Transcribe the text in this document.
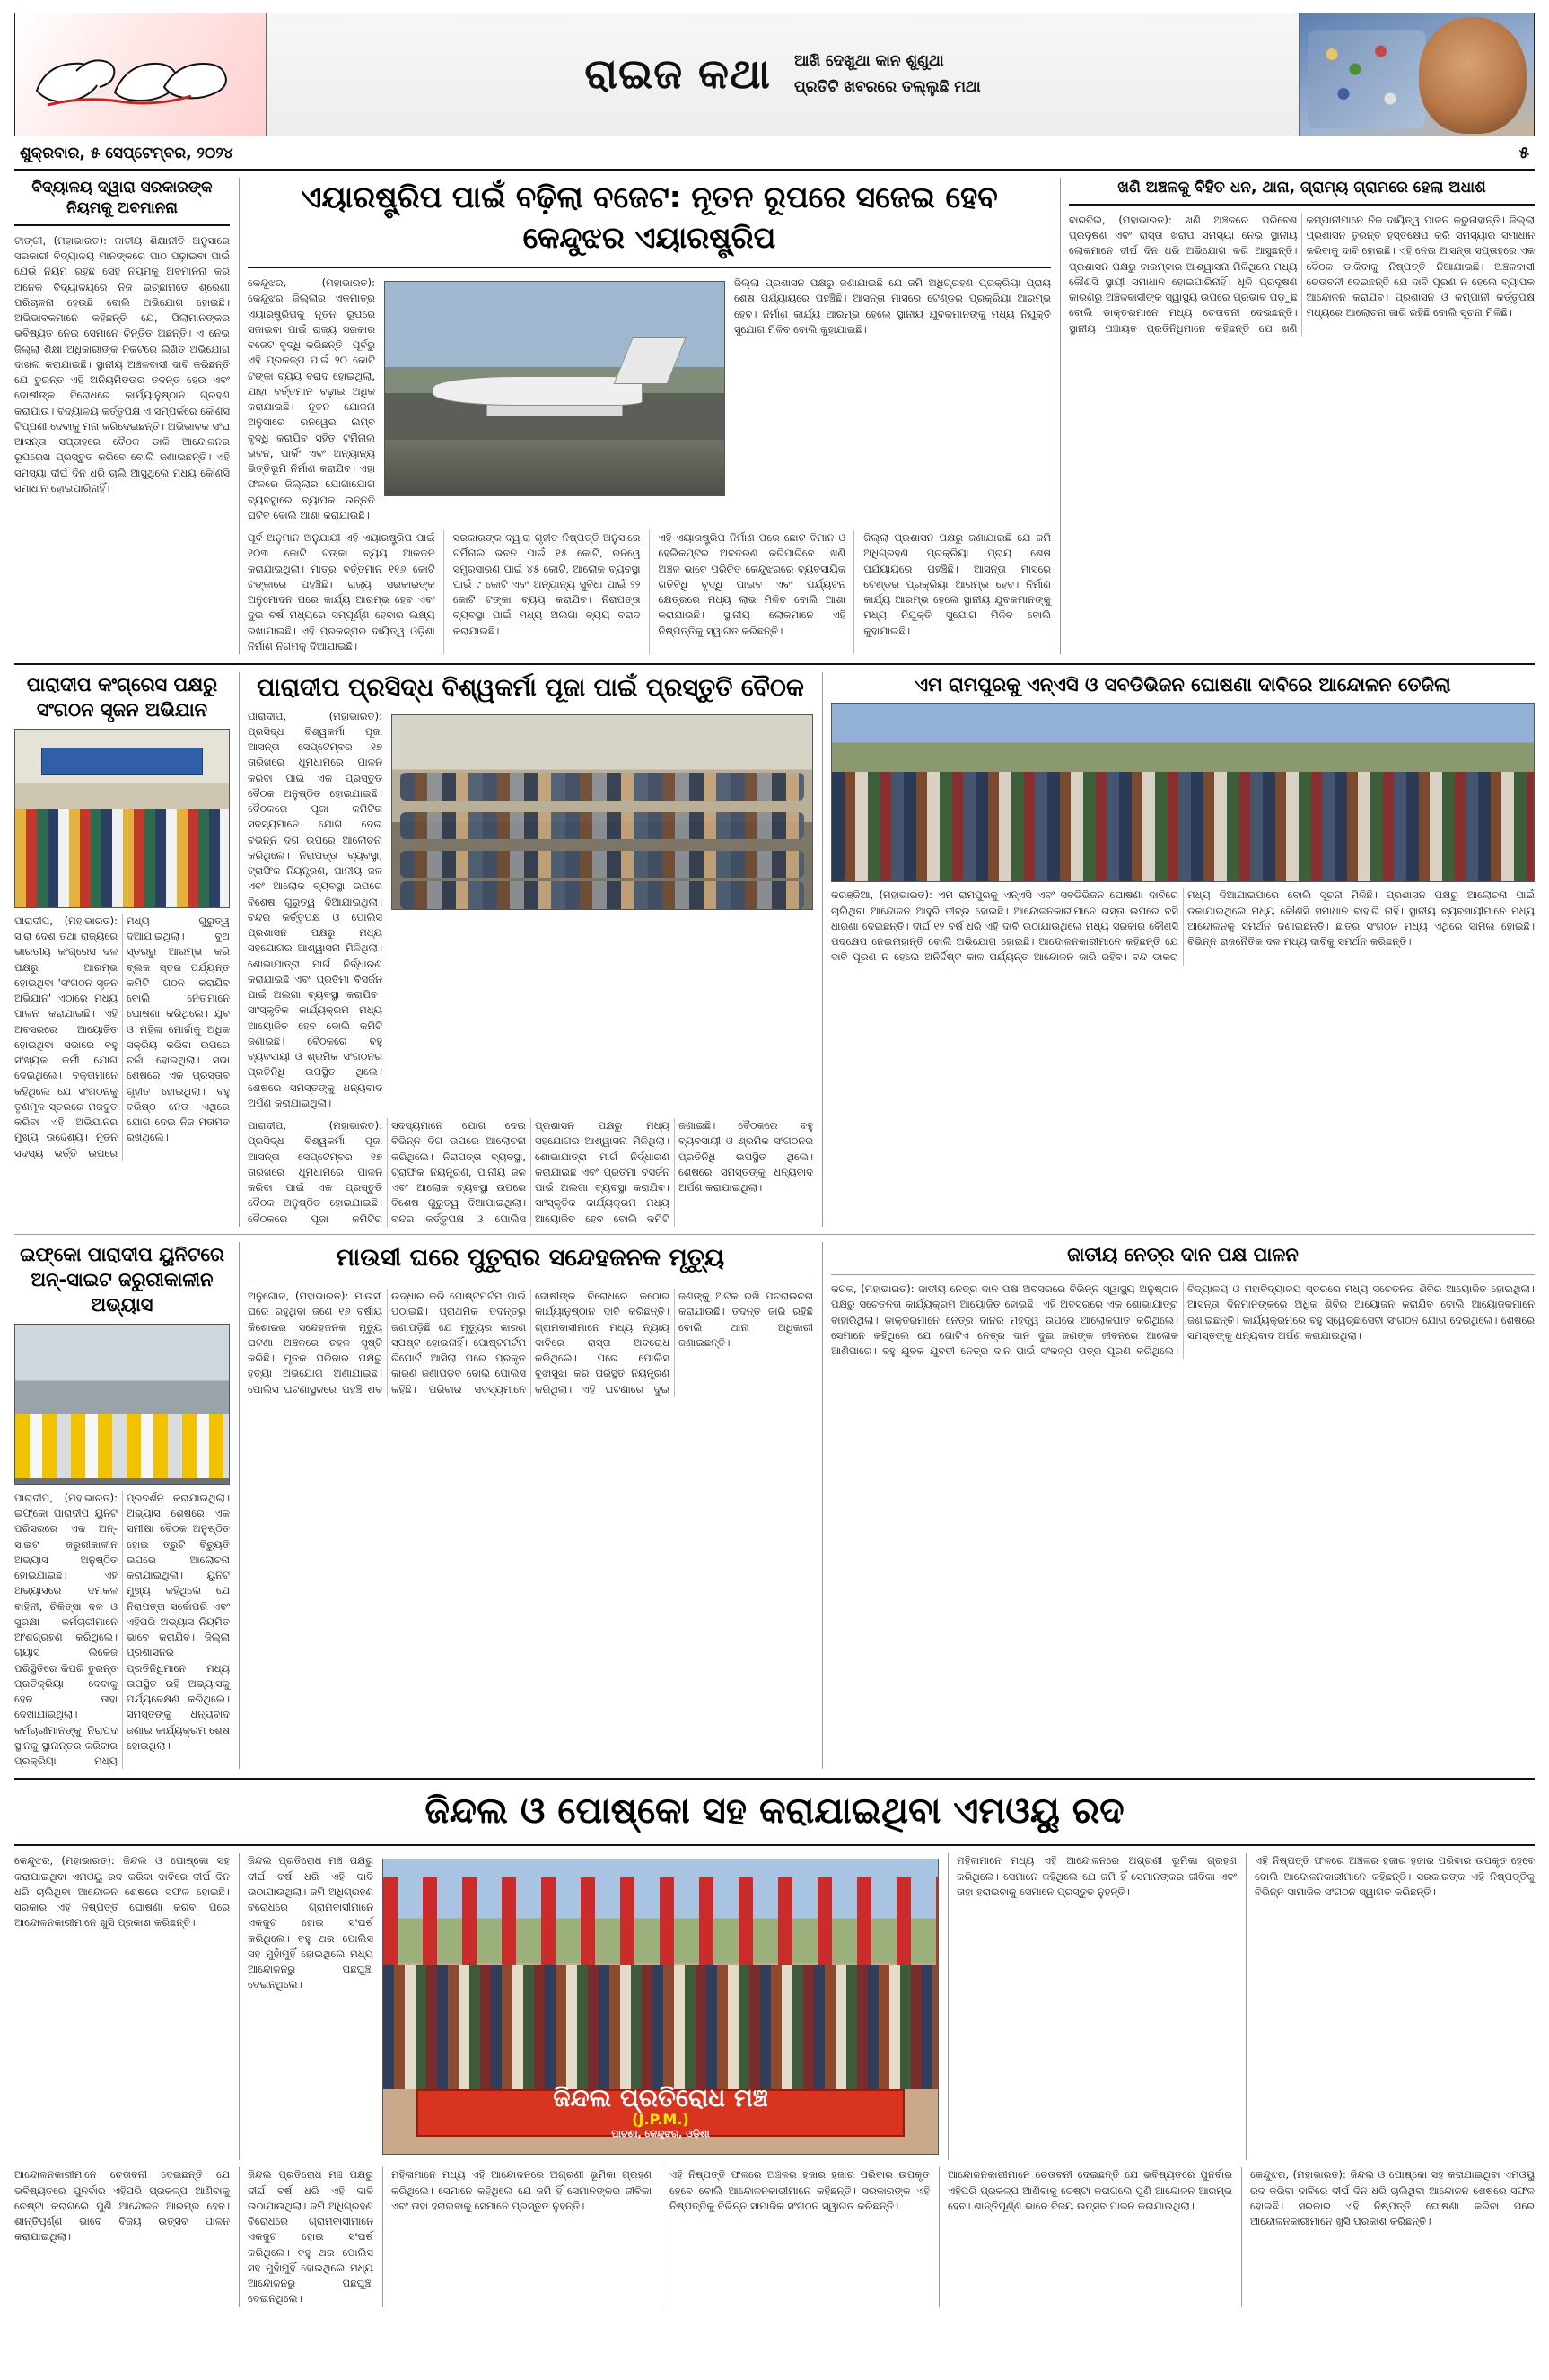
ରାଇଜ କଥା ଆଖି ଦେଖୁଥା କାନ ଶୁଣୁଥା
ପ୍ରତିଟି ଖବରରେ ତଲ୍ଲୁଛି ମଥା
ଶୁକ୍ରବାର, ୫ ସେପ୍ଟେମ୍ବର, ୨୦୨୪	୫
ବିଦ୍ୟାଳୟ ଦ୍ୱାରା ସରକାରଙ୍କ ନିୟମକୁ ଅବମାନନା
ଟାଙ୍ଗୀ, (ମହାଭାରତ): ଜାତୀୟ ଶିକ୍ଷାନୀତି ଅନୁସାରେ ସରକାରୀ ବିଦ୍ୟାଳୟ ମାନଙ୍କରେ ପାଠ ପଢ଼ାଇବା ପାଇଁ ଯେଉଁ ନିୟମ ରହିଛି ସେହି ନିୟମକୁ ଅବମାନନା କରି ଅନେକ ବିଦ୍ୟାଳୟରେ ନିଜ ଇଚ୍ଛାମତେ ଶ୍ରେଣୀ ପରିଚାଳନା ହେଉଛି ବୋଲି ଅଭିଯୋଗ ହୋଇଛି। ଅଭିଭାବକମାନେ କହିଛନ୍ତି ଯେ, ପିଲାମାନଙ୍କର ଭବିଷ୍ୟତ ନେଇ ସେମାନେ ଚିନ୍ତିତ ଅଛନ୍ତି। ଏ ନେଇ ଜିଲ୍ଲା ଶିକ୍ଷା ଅଧିକାରୀଙ୍କ ନିକଟରେ ଲିଖିତ ଅଭିଯୋଗ ଦାଖଲ କରାଯାଇଛି। ସ୍ଥାନୀୟ ଅଞ୍ଚଳବାସୀ ଦାବି କରିଛନ୍ତି ଯେ ତୁରନ୍ତ ଏହି ଅନିୟମିତତାର ତଦନ୍ତ ହେଉ ଏବଂ ଦୋଷୀଙ୍କ ବିରୋଧରେ କାର୍ଯ୍ୟାନୁଷ୍ଠାନ ଗ୍ରହଣ କରାଯାଉ। ବିଦ୍ୟାଳୟ କର୍ତ୍ତୃପକ୍ଷ ଏ ସମ୍ପର୍କରେ କୌଣସି ଟିପ୍ପଣୀ ଦେବାକୁ ମନା କରିଦେଇଛନ୍ତି। ଅଭିଭାବକ ସଂଘ ଆସନ୍ତା ସପ୍ତାହରେ ବୈଠକ ଡାକି ଆନ୍ଦୋଳନର ରୂପରେଖ ପ୍ରସ୍ତୁତ କରିବେ ବୋଲି ଜଣାଇଛନ୍ତି। ଏହି ସମସ୍ୟା ଦୀର୍ଘ ଦିନ ଧରି ଚାଲି ଆସୁଥିଲେ ମଧ୍ୟ କୌଣସି ସମାଧାନ ହୋଇପାରିନାହିଁ।
ଏୟାରଷ୍ଟ୍ରିପ ପାଇଁ ବଢ଼ିଲା ବଜେଟ: ନୂତନ ରୂପରେ ସଜେଇ ହେବ କେନ୍ଦୁଝର ଏୟାରଷ୍ଟ୍ରିପ
କେନ୍ଦୁଝର, (ମହାଭାରତ): କେନ୍ଦୁଝର ଜିଲ୍ଲାର ଏକମାତ୍ର ଏୟାରଷ୍ଟ୍ରିପକୁ ନୂତନ ରୂପରେ ସଜାଇବା ପାଇଁ ରାଜ୍ୟ ସରକାର ବଜେଟ ବୃଦ୍ଧି କରିଛନ୍ତି। ପୂର୍ବରୁ ଏହି ପ୍ରକଳ୍ପ ପାଇଁ ୨୦ କୋଟି ଟଙ୍କା ବ୍ୟୟ ବରାଦ ହୋଇଥିଲା, ଯାହା ବର୍ତ୍ତମାନ ବଢ଼ାଇ ଅଧିକ କରାଯାଇଛି। ନୂତନ ଯୋଜନା ଅନୁସାରେ ରନୱେର ଲମ୍ବ ବୃଦ୍ଧି କରାଯିବ ସହିତ ଟର୍ମିନାଲ ଭବନ, ପାର୍କିଂ ଏବଂ ଅନ୍ୟାନ୍ୟ ଭିତ୍ତିଭୂମି ନିର୍ମାଣ କରାଯିବ। ଏହା ଫଳରେ ଜିଲ୍ଲାର ଯୋଗାଯୋଗ ବ୍ୟବସ୍ଥାରେ ବ୍ୟାପକ ଉନ୍ନତି ଘଟିବ ବୋଲି ଆଶା କରାଯାଉଛି।
ଜିଲ୍ଲା ପ୍ରଶାସନ ପକ୍ଷରୁ ଜଣାଯାଇଛି ଯେ ଜମି ଅଧିଗ୍ରହଣ ପ୍ରକ୍ରିୟା ପ୍ରାୟ ଶେଷ ପର୍ଯ୍ୟାୟରେ ପହଞ୍ଚିଛି। ଆସନ୍ତା ମାସରେ ଟେଣ୍ଡର ପ୍ରକ୍ରିୟା ଆରମ୍ଭ ହେବ। ନିର୍ମାଣ କାର୍ଯ୍ୟ ଆରମ୍ଭ ହେଲେ ସ୍ଥାନୀୟ ଯୁବକମାନଙ୍କୁ ମଧ୍ୟ ନିଯୁକ୍ତି ସୁଯୋଗ ମିଳିବ ବୋଲି କୁହାଯାଇଛି।
ପୂର୍ବ ଅନୁମାନ ଅନୁଯାୟୀ ଏହି ଏୟାରଷ୍ଟ୍ରିପ ପାଇଁ ୧୦୩ କୋଟି ଟଙ୍କା ବ୍ୟୟ ଆକଳନ କରାଯାଇଥିଲା। ମାତ୍ର ବର୍ତ୍ତମାନ ୧୧୬ କୋଟି ଟଙ୍କାରେ ପହଞ୍ଚିଛି। ରାଜ୍ୟ ସରକାରଙ୍କ ଅନୁମୋଦନ ପରେ କାର୍ଯ୍ୟ ଆରମ୍ଭ ହେବ ଏବଂ ଦୁଇ ବର୍ଷ ମଧ୍ୟରେ ସମ୍ପୂର୍ଣ୍ଣ ହେବାର ଲକ୍ଷ୍ୟ ରଖାଯାଇଛି। ଏହି ପ୍ରକଳ୍ପର ଦାୟିତ୍ୱ ଓଡ଼ିଶା ନିର୍ମାଣ ନିଗମକୁ ଦିଆଯାଇଛି।
ସରକାରଙ୍କ ଦ୍ୱାରା ଗୃହୀତ ନିଷ୍ପତ୍ତି ଅନୁସାରେ ଟର୍ମିନାଲ ଭବନ ପାଇଁ ୧୫ କୋଟି, ରନୱେ ସମ୍ପ୍ରସାରଣ ପାଇଁ ୪୫ କୋଟି, ଆଲୋକ ବ୍ୟବସ୍ଥା ପାଇଁ ୯ କୋଟି ଏବଂ ଅନ୍ୟାନ୍ୟ ସୁବିଧା ପାଇଁ ୨୨ କୋଟି ଟଙ୍କା ବ୍ୟୟ କରାଯିବ। ନିରାପତ୍ତା ବ୍ୟବସ୍ଥା ପାଇଁ ମଧ୍ୟ ଅଲଗା ବ୍ୟୟ ବରାଦ କରାଯାଇଛି।
ଏହି ଏୟାରଷ୍ଟ୍ରିପ ନିର୍ମାଣ ପରେ ଛୋଟ ବିମାନ ଓ ହେଲିକପ୍ଟର ଅବତରଣ କରିପାରିବେ। ଖଣି ଅଞ୍ଚଳ ଭାବେ ପରିଚିତ କେନ୍ଦୁଝରରେ ବ୍ୟବସାୟିକ ଗତିବିଧି ବୃଦ୍ଧି ପାଇବ ଏବଂ ପର୍ଯ୍ୟଟନ କ୍ଷେତ୍ରରେ ମଧ୍ୟ ଲାଭ ମିଳିବ ବୋଲି ଆଶା କରାଯାଉଛି। ସ୍ଥାନୀୟ ଲୋକମାନେ ଏହି ନିଷ୍ପତ୍ତିକୁ ସ୍ୱାଗତ କରିଛନ୍ତି।
ଜିଲ୍ଲା ପ୍ରଶାସନ ପକ୍ଷରୁ ଜଣାଯାଇଛି ଯେ ଜମି ଅଧିଗ୍ରହଣ ପ୍ରକ୍ରିୟା ପ୍ରାୟ ଶେଷ ପର୍ଯ୍ୟାୟରେ ପହଞ୍ଚିଛି। ଆସନ୍ତା ମାସରେ ଟେଣ୍ଡର ପ୍ରକ୍ରିୟା ଆରମ୍ଭ ହେବ। ନିର୍ମାଣ କାର୍ଯ୍ୟ ଆରମ୍ଭ ହେଲେ ସ୍ଥାନୀୟ ଯୁବକମାନଙ୍କୁ ମଧ୍ୟ ନିଯୁକ୍ତି ସୁଯୋଗ ମିଳିବ ବୋଲି କୁହାଯାଇଛି।
ଖଣି ଅଞ୍ଚଳକୁ ବିହିତ ଧନ, ଥାନା, ଗ୍ରାମ୍ୟ ଗ୍ରାମରେ ହେଲା ଅଧାଶ
ବାରବିଲ, (ମହାଭାରତ): ଖଣି ଅଞ୍ଚଳରେ ପରିବେଶ ପ୍ରଦୂଷଣ ଏବଂ ରାସ୍ତା ଖରାପ ସମସ୍ୟା ନେଇ ସ୍ଥାନୀୟ ଲୋକମାନେ ଦୀର୍ଘ ଦିନ ଧରି ଅଭିଯୋଗ କରି ଆସୁଛନ୍ତି। ପ୍ରଶାସନ ପକ୍ଷରୁ ବାରମ୍ବାର ଆଶ୍ୱାସନା ମିଳିଥିଲେ ମଧ୍ୟ କୌଣସି ସ୍ଥାୟୀ ସମାଧାନ ହୋଇପାରିନାହିଁ। ଧୂଳି ପ୍ରଦୂଷଣ କାରଣରୁ ଅଞ୍ଚଳବାସୀଙ୍କ ସ୍ୱାସ୍ଥ୍ୟ ଉପରେ ପ୍ରଭାବ ପଡ଼ୁଛି ବୋଲି ଡାକ୍ତରମାନେ ମଧ୍ୟ ଚେତାବନୀ ଦେଇଛନ୍ତି। ସ୍ଥାନୀୟ ପଞ୍ଚାୟତ ପ୍ରତିନିଧିମାନେ କହିଛନ୍ତି ଯେ ଖଣି କମ୍ପାନୀମାନେ ନିଜ ଦାୟିତ୍ୱ ପାଳନ କରୁନାହାନ୍ତି। ଜିଲ୍ଲା ପ୍ରଶାସନ ତୁରନ୍ତ ହସ୍ତକ୍ଷେପ କରି ସମସ୍ୟାର ସମାଧାନ କରିବାକୁ ଦାବି ହୋଇଛି। ଏହି ନେଇ ଆସନ୍ତା ସପ୍ତାହରେ ଏକ ବୈଠକ ଡାକିବାକୁ ନିଷ୍ପତ୍ତି ନିଆଯାଇଛି। ଅଞ୍ଚଳବାସୀ ଚେତାବନୀ ଦେଇଛନ୍ତି ଯେ ଦାବି ପୂରଣ ନ ହେଲେ ବ୍ୟାପକ ଆନ୍ଦୋଳନ କରାଯିବ। ପ୍ରଶାସନ ଓ କମ୍ପାନୀ କର୍ତ୍ତୃପକ୍ଷ ମଧ୍ୟରେ ଆଲୋଚନା ଜାରି ରହିଛି ବୋଲି ସୂଚନା ମିଳିଛି।
ପାରାଦୀପ କଂଗ୍ରେସ ପକ୍ଷରୁ ସଂଗଠନ ସୃଜନ ଅଭିଯାନ
ପାରାଦୀପ, (ମହାଭାରତ): ସାରା ଦେଶ ତଥା ରାଜ୍ୟରେ ଭାରତୀୟ କଂଗ୍ରେସ ଦଳ ପକ୍ଷରୁ ଆରମ୍ଭ ହୋଇଥିବା 'ସଂଗଠନ ସୃଜନ ଅଭିଯାନ' ଏଠାରେ ମଧ୍ୟ ପାଳନ କରାଯାଇଛି। ଏହି ଅବସରରେ ଆୟୋଜିତ ହୋଇଥିବା ସଭାରେ ବହୁ ସଂଖ୍ୟକ କର୍ମୀ ଯୋଗ ଦେଇଥିଲେ। ବକ୍ତାମାନେ କହିଥିଲେ ଯେ ସଂଗଠନକୁ ତୃଣମୂଳ ସ୍ତରରେ ମଜବୁତ କରିବା ଏହି ଅଭିଯାନର ମୁଖ୍ୟ ଉଦ୍ଦେଶ୍ୟ। ନୂତନ ସଦସ୍ୟ ଭର୍ତ୍ତି ଉପରେ ମଧ୍ୟ ଗୁରୁତ୍ୱ ଦିଆଯାଇଥିଲା। ବୁଥ ସ୍ତରରୁ ଆରମ୍ଭ କରି ବ୍ଲକ ସ୍ତର ପର୍ଯ୍ୟନ୍ତ କମିଟି ଗଠନ କରାଯିବ ବୋଲି ନେତାମାନେ ଘୋଷଣା କରିଥିଲେ। ଯୁବ ଓ ମହିଳା ମୋର୍ଚ୍ଚାକୁ ଅଧିକ ସକ୍ରିୟ କରିବା ଉପରେ ଚର୍ଚ୍ଚା ହୋଇଥିଲା। ସଭା ଶେଷରେ ଏକ ପ୍ରସ୍ତାବ ଗୃହୀତ ହୋଇଥିଲା। ବହୁ ବରିଷ୍ଠ ନେତା ଏଥିରେ ଯୋଗ ଦେଇ ନିଜ ମତାମତ ରଖିଥିଲେ।
ପାରାଦୀପ ପ୍ରସିଦ୍ଧ ବିଶ୍ୱକର୍ମା ପୂଜା ପାଇଁ ପ୍ରସ୍ତୁତି ବୈଠକ
ପାରାଦୀପ, (ମହାଭାରତ): ପ୍ରସିଦ୍ଧ ବିଶ୍ୱକର୍ମା ପୂଜା ଆସନ୍ତା ସେପ୍ଟେମ୍ବର ୧୭ ତାରିଖରେ ଧୂମଧାମରେ ପାଳନ କରିବା ପାଇଁ ଏକ ପ୍ରସ୍ତୁତି ବୈଠକ ଅନୁଷ୍ଠିତ ହୋଇଯାଇଛି। ବୈଠକରେ ପୂଜା କମିଟିର ସଦସ୍ୟମାନେ ଯୋଗ ଦେଇ ବିଭିନ୍ନ ଦିଗ ଉପରେ ଆଲୋଚନା କରିଥିଲେ। ନିରାପତ୍ତା ବ୍ୟବସ୍ଥା, ଟ୍ରାଫିକ ନିୟନ୍ତ୍ରଣ, ପାନୀୟ ଜଳ ଏବଂ ଆଲୋକ ବ୍ୟବସ୍ଥା ଉପରେ ବିଶେଷ ଗୁରୁତ୍ୱ ଦିଆଯାଇଥିଲା। ବନ୍ଦର କର୍ତ୍ତୃପକ୍ଷ ଓ ପୋଲିସ ପ୍ରଶାସନ ପକ୍ଷରୁ ମଧ୍ୟ ସହଯୋଗର ଆଶ୍ୱାସନା ମିଳିଥିଲା। ଶୋଭାଯାତ୍ରା ମାର୍ଗ ନିର୍ଦ୍ଧାରଣ କରାଯାଇଛି ଏବଂ ପ୍ରତିମା ବିସର୍ଜନ ପାଇଁ ଅଲଗା ବ୍ୟବସ୍ଥା କରାଯିବ। ସାଂସ୍କୃତିକ କାର୍ଯ୍ୟକ୍ରମ ମଧ୍ୟ ଆୟୋଜିତ ହେବ ବୋଲି କମିଟି ଜଣାଇଛି। ବୈଠକରେ ବହୁ ବ୍ୟବସାୟୀ ଓ ଶ୍ରମିକ ସଂଗଠନର ପ୍ରତିନିଧି ଉପସ୍ଥିତ ଥିଲେ। ଶେଷରେ ସମସ୍ତଙ୍କୁ ଧନ୍ୟବାଦ ଅର୍ପଣ କରାଯାଇଥିଲା।
ପାରାଦୀପ, (ମହାଭାରତ): ପ୍ରସିଦ୍ଧ ବିଶ୍ୱକର୍ମା ପୂଜା ଆସନ୍ତା ସେପ୍ଟେମ୍ବର ୧୭ ତାରିଖରେ ଧୂମଧାମରେ ପାଳନ କରିବା ପାଇଁ ଏକ ପ୍ରସ୍ତୁତି ବୈଠକ ଅନୁଷ୍ଠିତ ହୋଇଯାଇଛି। ବୈଠକରେ ପୂଜା କମିଟିର ସଦସ୍ୟମାନେ ଯୋଗ ଦେଇ ବିଭିନ୍ନ ଦିଗ ଉପରେ ଆଲୋଚନା କରିଥିଲେ। ନିରାପତ୍ତା ବ୍ୟବସ୍ଥା, ଟ୍ରାଫିକ ନିୟନ୍ତ୍ରଣ, ପାନୀୟ ଜଳ ଏବଂ ଆଲୋକ ବ୍ୟବସ୍ଥା ଉପରେ ବିଶେଷ ଗୁରୁତ୍ୱ ଦିଆଯାଇଥିଲା। ବନ୍ଦର କର୍ତ୍ତୃପକ୍ଷ ଓ ପୋଲିସ ପ୍ରଶାସନ ପକ୍ଷରୁ ମଧ୍ୟ ସହଯୋଗର ଆଶ୍ୱାସନା ମିଳିଥିଲା। ଶୋଭାଯାତ୍ରା ମାର୍ଗ ନିର୍ଦ୍ଧାରଣ କରାଯାଇଛି ଏବଂ ପ୍ରତିମା ବିସର୍ଜନ ପାଇଁ ଅଲଗା ବ୍ୟବସ୍ଥା କରାଯିବ। ସାଂସ୍କୃତିକ କାର୍ଯ୍ୟକ୍ରମ ମଧ୍ୟ ଆୟୋଜିତ ହେବ ବୋଲି କମିଟି ଜଣାଇଛି। ବୈଠକରେ ବହୁ ବ୍ୟବସାୟୀ ଓ ଶ୍ରମିକ ସଂଗଠନର ପ୍ରତିନିଧି ଉପସ୍ଥିତ ଥିଲେ। ଶେଷରେ ସମସ୍ତଙ୍କୁ ଧନ୍ୟବାଦ ଅର୍ପଣ କରାଯାଇଥିଲା।
ଏମ ରାମପୁରକୁ ଏନ୍‌ଏସି ଓ ସବଡିଭିଜନ ଘୋଷଣା ଦାବିରେ ଆନ୍ଦୋଳନ ତେଜିଲା
କରଞ୍ଜିଆ, (ମହାଭାରତ): ଏମ ରାମପୁରକୁ ଏନ୍‌ଏସି ଏବଂ ସବଡିଭିଜନ ଘୋଷଣା ଦାବିରେ ଚାଲିଥିବା ଆନ୍ଦୋଳନ ଆହୁରି ତୀବ୍ର ହୋଇଛି। ଆନ୍ଦୋଳନକାରୀମାନେ ରାସ୍ତା ଉପରେ ବସି ଧାରଣା ଦେଇଛନ୍ତି। ଦୀର୍ଘ ୧୨ ବର୍ଷ ଧରି ଏହି ଦାବି ଉଠାଯାଉଥିଲେ ମଧ୍ୟ ସରକାର କୌଣସି ପଦକ୍ଷେପ ନେଇନାହାନ୍ତି ବୋଲି ଅଭିଯୋଗ ହୋଇଛି। ଆନ୍ଦୋଳନକାରୀମାନେ କହିଛନ୍ତି ଯେ ଦାବି ପୂରଣ ନ ହେଲେ ଅନିର୍ଦ୍ଦିଷ୍ଟ କାଳ ପର୍ଯ୍ୟନ୍ତ ଆନ୍ଦୋଳନ ଜାରି ରହିବ। ବନ୍ଦ ଡାକରା ମଧ୍ୟ ଦିଆଯାଇପାରେ ବୋଲି ସୂଚନା ମିଳିଛି। ପ୍ରଶାସନ ପକ୍ଷରୁ ଆଲୋଚନା ପାଇଁ ଡକାଯାଇଥିଲେ ମଧ୍ୟ କୌଣସି ସମାଧାନ ବାହାରି ନାହିଁ। ସ୍ଥାନୀୟ ବ୍ୟବସାୟୀମାନେ ମଧ୍ୟ ଆନ୍ଦୋଳନକୁ ସମର୍ଥନ ଜଣାଇଛନ୍ତି। ଛାତ୍ର ସଂଗଠନ ମଧ୍ୟ ଏଥିରେ ସାମିଲ ହୋଇଛି। ବିଭିନ୍ନ ରାଜନୈତିକ ଦଳ ମଧ୍ୟ ଦାବିକୁ ସମର୍ଥନ କରିଛନ୍ତି।
ଇଫ୍‌କୋ ପାରାଦୀପ ୟୁନିଟରେ ଅନ୍‌-ସାଇଟ ଜରୁରୀକାଳୀନ ଅଭ୍ୟାସ
ପାରାଦୀପ, (ମହାଭାରତ): ଇଫ୍‌କୋ ପାରାଦୀପ ୟୁନିଟ ପରିସରରେ ଏକ ଅନ୍‌-ସାଇଟ ଜରୁରୀକାଳୀନ ଅଭ୍ୟାସ ଅନୁଷ୍ଠିତ ହୋଇଯାଇଛି। ଏହି ଅଭ୍ୟାସରେ ଦମକଳ ବାହିନୀ, ଚିକିତ୍ସା ଦଳ ଓ ସୁରକ୍ଷା କର୍ମଚାରୀମାନେ ଅଂଶଗ୍ରହଣ କରିଥିଲେ। ଗ୍ୟାସ ଲିକେଜ ପରିସ୍ଥିତିରେ କିପରି ତୁରନ୍ତ ପ୍ରତିକ୍ରିୟା ଦେବାକୁ ହେବ ତାହା ଦେଖାଯାଇଥିଲା। କର୍ମଚାରୀମାନଙ୍କୁ ନିରାପଦ ସ୍ଥାନକୁ ସ୍ଥାନାନ୍ତର କରିବାର ପ୍ରକ୍ରିୟା ମଧ୍ୟ ପ୍ରଦର୍ଶନ କରାଯାଇଥିଲା। ଅଭ୍ୟାସ ଶେଷରେ ଏକ ସମୀକ୍ଷା ବୈଠକ ଅନୁଷ୍ଠିତ ହୋଇ ତ୍ରୁଟି ବିଚ୍ୟୁତି ଉପରେ ଆଲୋଚନା କରାଯାଇଥିଲା। ୟୁନିଟ ମୁଖ୍ୟ କହିଥିଲେ ଯେ ନିରାପତ୍ତା ସର୍ବୋପରି ଏବଂ ଏହିପରି ଅଭ୍ୟାସ ନିୟମିତ ଭାବେ କରାଯିବ। ଜିଲ୍ଲା ପ୍ରଶାସନର ପ୍ରତିନିଧିମାନେ ମଧ୍ୟ ଉପସ୍ଥିତ ରହି ଅଭ୍ୟାସକୁ ପର୍ଯ୍ୟବେକ୍ଷଣ କରିଥିଲେ। ସମସ୍ତଙ୍କୁ ଧନ୍ୟବାଦ ଜଣାଇ କାର୍ଯ୍ୟକ୍ରମ ଶେଷ ହୋଇଥିଲା।
ମାଉସୀ ଘରେ ପୁତୁରାର ସନ୍ଦେହଜନକ ମୃତ୍ୟୁ
ଅନୁଗୋଳ, (ମହାଭାରତ): ମାଉସୀ ଘରେ ରହୁଥିବା ଜଣେ ୧୬ ବର୍ଷୀୟ କିଶୋରର ସନ୍ଦେହଜନକ ମୃତ୍ୟୁ ଘଟଣା ଅଞ୍ଚଳରେ ଚହଳ ସୃଷ୍ଟି କରିଛି। ମୃତକ ପରିବାର ପକ୍ଷରୁ ହତ୍ୟା ଅଭିଯୋଗ ଅଣାଯାଇଛି। ପୋଲିସ ଘଟଣାସ୍ଥଳରେ ପହଞ୍ଚି ଶବ ଉଦ୍ଧାର କରି ପୋଷ୍ଟମର୍ଟମ ପାଇଁ ପଠାଇଛି। ପ୍ରାଥମିକ ତଦନ୍ତରୁ ଜଣାପଡ଼ିଛି ଯେ ମୃତ୍ୟୁର କାରଣ ସ୍ପଷ୍ଟ ହୋଇନାହିଁ। ପୋଷ୍ଟମର୍ଟମ ରିପୋର୍ଟ ଆସିଲା ପରେ ପ୍ରକୃତ କାରଣ ଜଣାପଡ଼ିବ ବୋଲି ପୋଲିସ କହିଛି। ପରିବାର ସଦସ୍ୟମାନେ ଦୋଷୀଙ୍କ ବିରୋଧରେ କଠୋର କାର୍ଯ୍ୟାନୁଷ୍ଠାନ ଦାବି କରିଛନ୍ତି। ଗ୍ରାମବାସୀମାନେ ମଧ୍ୟ ନ୍ୟାୟ ଦାବିରେ ରାସ୍ତା ଅବରୋଧ କରିଥିଲେ। ପରେ ପୋଲିସ ବୁଝାସୁଝା କରି ପରିସ୍ଥିତି ନିୟନ୍ତ୍ରଣ କରିଥିଲା। ଏହି ଘଟଣାରେ ଦୁଇ ଜଣଙ୍କୁ ଅଟକ ରଖି ପଚରାଉଚରା କରାଯାଉଛି। ତଦନ୍ତ ଜାରି ରହିଛି ବୋଲି ଥାନା ଅଧିକାରୀ ଜଣାଇଛନ୍ତି।
ଜାତୀୟ ନେତ୍ର ଦାନ ପକ୍ଷ ପାଳନ
କଟକ, (ମହାଭାରତ): ଜାତୀୟ ନେତ୍ର ଦାନ ପକ୍ଷ ଅବସରରେ ବିଭିନ୍ନ ସ୍ୱାସ୍ଥ୍ୟ ଅନୁଷ୍ଠାନ ପକ୍ଷରୁ ସଚେତନତା କାର୍ଯ୍ୟକ୍ରମ ଆୟୋଜିତ ହୋଇଛି। ଏହି ଅବସରରେ ଏକ ଶୋଭାଯାତ୍ରା ବାହାରିଥିଲା। ଡାକ୍ତରମାନେ ନେତ୍ର ଦାନର ମହତ୍ତ୍ୱ ଉପରେ ଆଲୋକପାତ କରିଥିଲେ। ସେମାନେ କହିଥିଲେ ଯେ ଗୋଟିଏ ନେତ୍ର ଦାନ ଦୁଇ ଜଣଙ୍କ ଜୀବନରେ ଆଲୋକ ଆଣିପାରେ। ବହୁ ଯୁବକ ଯୁବତୀ ନେତ୍ର ଦାନ ପାଇଁ ସଂକଳ୍ପ ପତ୍ର ପୂରଣ କରିଥିଲେ। ବିଦ୍ୟାଳୟ ଓ ମହାବିଦ୍ୟାଳୟ ସ୍ତରରେ ମଧ୍ୟ ସଚେତନତା ଶିବିର ଆୟୋଜିତ ହୋଇଥିଲା। ଆସନ୍ତା ଦିନମାନଙ୍କରେ ଅଧିକ ଶିବିର ଆୟୋଜନ କରାଯିବ ବୋଲି ଆୟୋଜକମାନେ ଜଣାଇଛନ୍ତି। କାର୍ଯ୍ୟକ୍ରମରେ ବହୁ ସ୍ୱେଚ୍ଛାସେବୀ ସଂଗଠନ ଯୋଗ ଦେଇଥିଲେ। ଶେଷରେ ସମସ୍ତଙ୍କୁ ଧନ୍ୟବାଦ ଅର୍ପଣ କରାଯାଇଥିଲା।
ଜିନ୍ଦଲ ଓ ପୋଷ୍କୋ ସହ କରାଯାଇଥିବା ଏମଓୟୁ ରଦ
କେନ୍ଦୁଝର, (ମହାଭାରତ): ଜିନ୍ଦଲ ଓ ପୋଷ୍କୋ ସହ କରାଯାଇଥିବା ଏମଓୟୁ ରଦ କରିବା ଦାବିରେ ଦୀର୍ଘ ଦିନ ଧରି ଚାଲିଥିବା ଆନ୍ଦୋଳନ ଶେଷରେ ସଫଳ ହୋଇଛି। ସରକାର ଏହି ନିଷ୍ପତ୍ତି ଘୋଷଣା କରିବା ପରେ ଆନ୍ଦୋଳନକାରୀମାନେ ଖୁସି ପ୍ରକାଶ କରିଛନ୍ତି।
ଜିନ୍ଦଲ ପ୍ରତିରୋଧ ମଞ୍ଚ ପକ୍ଷରୁ ଦୀର୍ଘ ବର୍ଷ ଧରି ଏହି ଦାବି ଉଠାଯାଉଥିଲା। ଜମି ଅଧିଗ୍ରହଣ ବିରୋଧରେ ଗ୍ରାମବାସୀମାନେ ଏକଜୁଟ ହୋଇ ସଂଘର୍ଷ କରିଥିଲେ। ବହୁ ଥର ପୋଲିସ ସହ ମୁହାଁମୁହିଁ ହୋଇଥିଲେ ମଧ୍ୟ ଆନ୍ଦୋଳନରୁ ପଛଘୁଞ୍ଚା ଦେଇନଥିଲେ।
ଜିନ୍ଦଲ ପ୍ରତିରୋଧ ମଞ୍ଚ
(J.P.M.)
ପାଟଣା, କେନ୍ଦୁଝର, ଓଡ଼ିଶା
ମହିଳାମାନେ ମଧ୍ୟ ଏହି ଆନ୍ଦୋଳନରେ ଅଗ୍ରଣୀ ଭୂମିକା ଗ୍ରହଣ କରିଥିଲେ। ସେମାନେ କହିଥିଲେ ଯେ ଜମି ହିଁ ସେମାନଙ୍କର ଜୀବିକା ଏବଂ ତାହା ହରାଇବାକୁ ସେମାନେ ପ୍ରସ୍ତୁତ ନୁହନ୍ତି।
ଏହି ନିଷ୍ପତ୍ତି ଫଳରେ ଅଞ୍ଚଳର ହଜାର ହଜାର ପରିବାର ଉପକୃତ ହେବେ ବୋଲି ଆନ୍ଦୋଳନକାରୀମାନେ କହିଛନ୍ତି। ସରକାରଙ୍କ ଏହି ନିଷ୍ପତ୍ତିକୁ ବିଭିନ୍ନ ସାମାଜିକ ସଂଗଠନ ସ୍ୱାଗତ କରିଛନ୍ତି।
ଆନ୍ଦୋଳନକାରୀମାନେ ଚେତାବନୀ ଦେଇଛନ୍ତି ଯେ ଭବିଷ୍ୟତରେ ପୁନର୍ବାର ଏହିପରି ପ୍ରକଳ୍ପ ଆଣିବାକୁ ଚେଷ୍ଟା କରାଗଲେ ପୁଣି ଆନ୍ଦୋଳନ ଆରମ୍ଭ ହେବ। ଶାନ୍ତିପୂର୍ଣ୍ଣ ଭାବେ ବିଜୟ ଉତ୍ସବ ପାଳନ କରାଯାଇଥିଲା।
ଜିନ୍ଦଲ ପ୍ରତିରୋଧ ମଞ୍ଚ ପକ୍ଷରୁ ଦୀର୍ଘ ବର୍ଷ ଧରି ଏହି ଦାବି ଉଠାଯାଉଥିଲା। ଜମି ଅଧିଗ୍ରହଣ ବିରୋଧରେ ଗ୍ରାମବାସୀମାନେ ଏକଜୁଟ ହୋଇ ସଂଘର୍ଷ କରିଥିଲେ। ବହୁ ଥର ପୋଲିସ ସହ ମୁହାଁମୁହିଁ ହୋଇଥିଲେ ମଧ୍ୟ ଆନ୍ଦୋଳନରୁ ପଛଘୁଞ୍ଚା ଦେଇନଥିଲେ।
ମହିଳାମାନେ ମଧ୍ୟ ଏହି ଆନ୍ଦୋଳନରେ ଅଗ୍ରଣୀ ଭୂମିକା ଗ୍ରହଣ କରିଥିଲେ। ସେମାନେ କହିଥିଲେ ଯେ ଜମି ହିଁ ସେମାନଙ୍କର ଜୀବିକା ଏବଂ ତାହା ହରାଇବାକୁ ସେମାନେ ପ୍ରସ୍ତୁତ ନୁହନ୍ତି।
ଏହି ନିଷ୍ପତ୍ତି ଫଳରେ ଅଞ୍ଚଳର ହଜାର ହଜାର ପରିବାର ଉପକୃତ ହେବେ ବୋଲି ଆନ୍ଦୋଳନକାରୀମାନେ କହିଛନ୍ତି। ସରକାରଙ୍କ ଏହି ନିଷ୍ପତ୍ତିକୁ ବିଭିନ୍ନ ସାମାଜିକ ସଂଗଠନ ସ୍ୱାଗତ କରିଛନ୍ତି।
ଆନ୍ଦୋଳନକାରୀମାନେ ଚେତାବନୀ ଦେଇଛନ୍ତି ଯେ ଭବିଷ୍ୟତରେ ପୁନର୍ବାର ଏହିପରି ପ୍ରକଳ୍ପ ଆଣିବାକୁ ଚେଷ୍ଟା କରାଗଲେ ପୁଣି ଆନ୍ଦୋଳନ ଆରମ୍ଭ ହେବ। ଶାନ୍ତିପୂର୍ଣ୍ଣ ଭାବେ ବିଜୟ ଉତ୍ସବ ପାଳନ କରାଯାଇଥିଲା।
କେନ୍ଦୁଝର, (ମହାଭାରତ): ଜିନ୍ଦଲ ଓ ପୋଷ୍କୋ ସହ କରାଯାଇଥିବା ଏମଓୟୁ ରଦ କରିବା ଦାବିରେ ଦୀର୍ଘ ଦିନ ଧରି ଚାଲିଥିବା ଆନ୍ଦୋଳନ ଶେଷରେ ସଫଳ ହୋଇଛି। ସରକାର ଏହି ନିଷ୍ପତ୍ତି ଘୋଷଣା କରିବା ପରେ ଆନ୍ଦୋଳନକାରୀମାନେ ଖୁସି ପ୍ରକାଶ କରିଛନ୍ତି।
